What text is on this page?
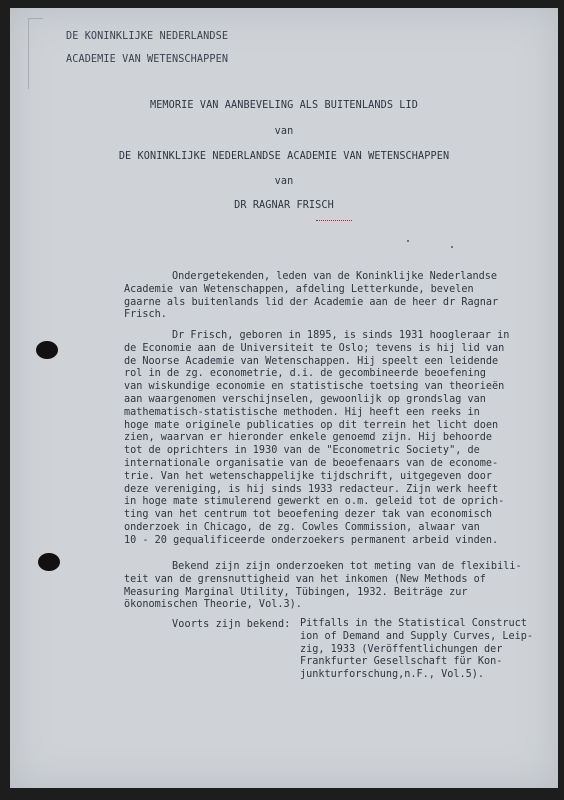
DE KONINKLIJKE NEDERLANDSE
ACADEMIE VAN WETENSCHAPPEN
MEMORIE VAN AANBEVELING ALS BUITENLANDS LID
van
DE KONINKLIJKE NEDERLANDSE ACADEMIE VAN WETENSCHAPPEN
van
DR RAGNAR FRISCH
Ondergetekenden, leden van de Koninklijke Nederlandse
Academie van Wetenschappen, afdeling Letterkunde, bevelen
gaarne als buitenlands lid der Academie aan de heer dr Ragnar
Frisch.
Dr Frisch, geboren in 1895, is sinds 1931 hoogleraar in
de Economie aan de Universiteit te Oslo; tevens is hij lid van
de Noorse Academie van Wetenschappen. Hij speelt een leidende
rol in de zg. econometrie, d.i. de gecombineerde beoefening
van wiskundige economie en statistische toetsing van theorieën
aan waargenomen verschijnselen, gewoonlijk op grondslag van
mathematisch-statistische methoden. Hij heeft een reeks in
hoge mate originele publicaties op dit terrein het licht doen
zien, waarvan er hieronder enkele genoemd zijn. Hij behoorde
tot de oprichters in 1930 van de "Econometric Society", de
internationale organisatie van de beoefenaars van de econome-
trie. Van het wetenschappelijke tijdschrift, uitgegeven door
deze vereniging, is hij sinds 1933 redacteur. Zijn werk heeft
in hoge mate stimulerend gewerkt en o.m. geleid tot de oprich-
ting van het centrum tot beoefening dezer tak van economisch
onderzoek in Chicago, de zg. Cowles Commission, alwaar van
10 - 20 gequalificeerde onderzoekers permanent arbeid vinden.
Bekend zijn zijn onderzoeken tot meting van de flexibili-
teit van de grensnuttigheid van het inkomen (New Methods of
Measuring Marginal Utility, Tübingen, 1932. Beiträge zur
ökonomischen Theorie, Vol.3).
Voorts zijn bekend: Pitfalls in the Statistical Construct
ion of Demand and Supply Curves, Leip-
zig, 1933 (Veröffentlichungen der
Frankfurter Gesellschaft für Kon-
junkturforschung,n.F., Vol.5).
